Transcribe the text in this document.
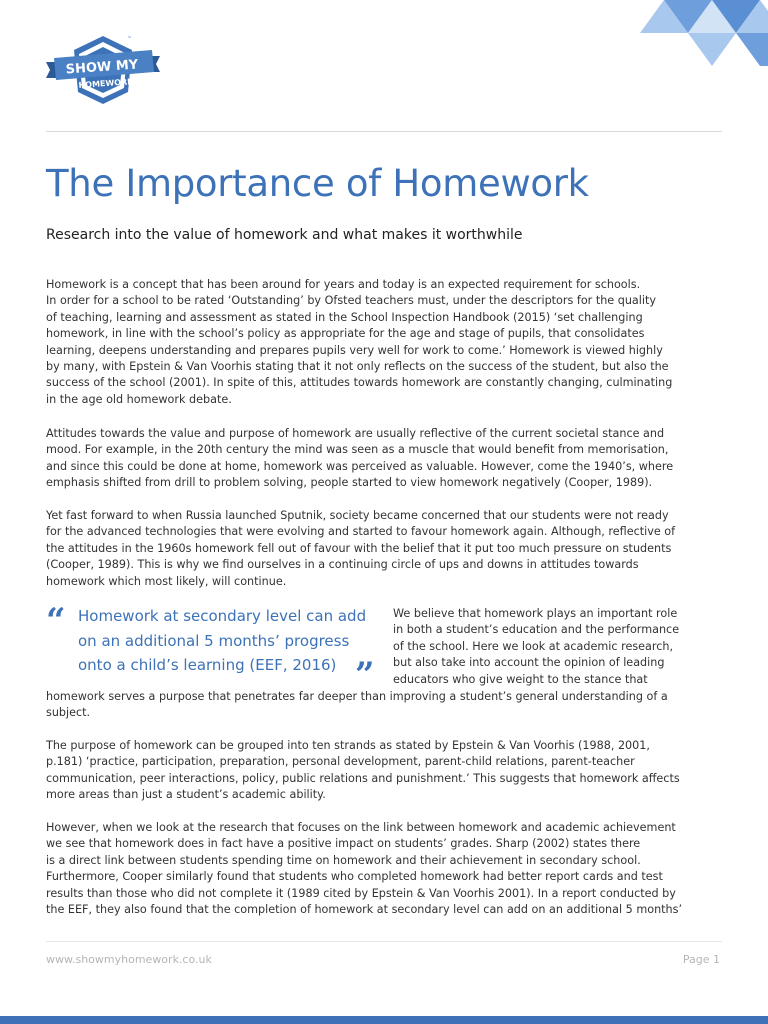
SHOW MY
HOMEWORK
™
The Importance of Homework

Research into the value of homework and what makes it worthwhile

Homework is a concept that has been around for years and today is an expected requirement for schools.
In order for a school to be rated ‘Outstanding’ by Ofsted teachers must, under the descriptors for the quality
of teaching, learning and assessment as stated in the School Inspection Handbook (2015) ‘set challenging
homework, in line with the school’s policy as appropriate for the age and stage of pupils, that consolidates
learning, deepens understanding and prepares pupils very well for work to come.’ Homework is viewed highly
by many, with Epstein & Van Voorhis stating that it not only reflects on the success of the student, but also the
success of the school (2001). In spite of this, attitudes towards homework are constantly changing, culminating
in the age old homework debate.

Attitudes towards the value and purpose of homework are usually reflective of the current societal stance and
mood. For example, in the 20th century the mind was seen as a muscle that would benefit from memorisation,
and since this could be done at home, homework was perceived as valuable. However, come the 1940’s, where
emphasis shifted from drill to problem solving, people started to view homework negatively (Cooper, 1989).

Yet fast forward to when Russia launched Sputnik, society became concerned that our students were not ready
for the advanced technologies that were evolving and started to favour homework again. Although, reflective of
the attitudes in the 1960s homework fell out of favour with the belief that it put too much pressure on students
(Cooper, 1989). This is why we find ourselves in a continuing circle of ups and downs in attitudes towards
homework which most likely, will continue.

“ Homework at secondary level can add
on an additional 5 months’ progress
onto a child’s learning (EEF, 2016) ”

We believe that homework plays an important role
in both a student’s education and the performance
of the school. Here we look at academic research,
but also take into account the opinion of leading
educators who give weight to the stance that

homework serves a purpose that penetrates far deeper than improving a student’s general understanding of a
subject.

The purpose of homework can be grouped into ten strands as stated by Epstein & Van Voorhis (1988, 2001,
p.181) ‘practice, participation, preparation, personal development, parent-child relations, parent-teacher
communication, peer interactions, policy, public relations and punishment.’ This suggests that homework affects
more areas than just a student’s academic ability.

However, when we look at the research that focuses on the link between homework and academic achievement
we see that homework does in fact have a positive impact on students’ grades. Sharp (2002) states there
is a direct link between students spending time on homework and their achievement in secondary school.
Furthermore, Cooper similarly found that students who completed homework had better report cards and test
results than those who did not complete it (1989 cited by Epstein & Van Voorhis 2001). In a report conducted by
the EEF, they also found that the completion of homework at secondary level can add on an additional 5 months’

www.showmyhomework.co.uk	Page 1
